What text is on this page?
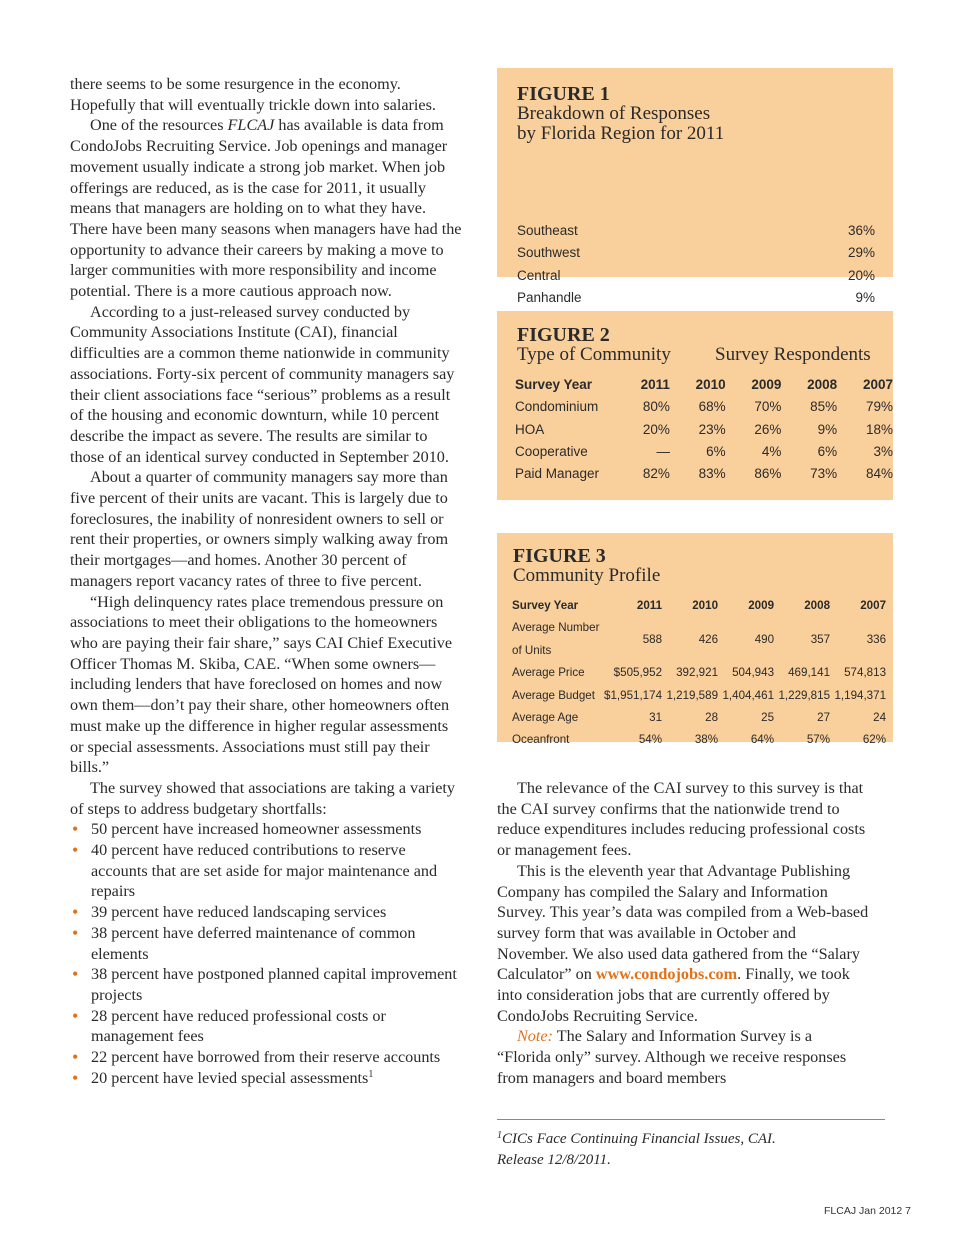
there seems to be some resurgence in the economy. Hopefully that will eventually trickle down into salaries.

One of the resources FLCAJ has available is data from CondoJobs Recruiting Service. Job openings and manager movement usually indicate a strong job market. When job offerings are reduced, as is the case for 2011, it usually means that managers are holding on to what they have. There have been many seasons when managers have had the opportunity to advance their careers by making a move to larger communities with more responsibility and income potential. There is a more cautious approach now.

According to a just-released survey conducted by Community Associations Institute (CAI), financial difficulties are a common theme nationwide in community associations. Forty-six percent of community managers say their client associations face “serious” problems as a result of the housing and economic downturn, while 10 percent describe the impact as severe. The results are similar to those of an identical survey conducted in September 2010.

About a quarter of community managers say more than five percent of their units are vacant. This is largely due to foreclosures, the inability of nonresident owners to sell or rent their properties, or owners simply walking away from their mortgages—and homes. Another 30 percent of managers report vacancy rates of three to five percent.

“High delinquency rates place tremendous pressure on associations to meet their obligations to the homeowners who are paying their fair share,” says CAI Chief Executive Officer Thomas M. Skiba, CAE. “When some owners—including lenders that have foreclosed on homes and now own them—don’t pay their share, other homeowners often must make up the difference in higher regular assessments or special assessments. Associations must still pay their bills.”

The survey showed that associations are taking a variety of steps to address budgetary shortfalls:

• 50 percent have increased homeowner assessments
• 40 percent have reduced contributions to reserve accounts that are set aside for major maintenance and repairs
• 39 percent have reduced landscaping services
• 38 percent have deferred maintenance of common elements
• 38 percent have postponed planned capital improvement projects
• 28 percent have reduced professional costs or management fees
• 22 percent have borrowed from their reserve accounts
• 20 percent have levied special assessments$^1$
FIGURE 1
Breakdown of Responses
by Florida Region for 2011
Southeast	36%
Southwest	29%
Central	20%
Panhandle	9%
FIGURE 2
Type of Community	Survey Respondents
Survey Year	2011	2010	2009	2008	2007
Condominium	80%	68%	70%	85%	79%
HOA	20%	23%	26%	9%	18%
Cooperative	—	6%	4%	6%	3%
Paid Manager	82%	83%	86%	73%	84%
FIGURE 3
Community Profile
Survey Year	2011	2010	2009	2008	2007
Average Number of Units	588	426	490	357	336
Average Price	$505,952	392,921	504,943	469,141	574,813
Average Budget	$1,951,174	1,219,589	1,404,461	1,229,815	1,194,371
Average Age	31	28	25	27	24
Oceanfront	54%	38%	64%	57%	62%

The relevance of the CAI survey to this survey is that the CAI survey confirms that the nationwide trend to reduce expenditures includes reducing professional costs or management fees.

This is the eleventh year that Advantage Publishing Company has compiled the Salary and Information Survey. This year’s data was compiled from a Web-based survey form that was available in October and November. We also used data gathered from the “Salary Calculator” on www.condojobs.com. Finally, we took into consideration jobs that are currently offered by CondoJobs Recruiting Service.

Note: The Salary and Information Survey is a “Florida only” survey. Although we receive responses from managers and board members

$^1$CICs Face Continuing Financial Issues, CAI.
Release 12/8/2011.
FLCAJ Jan 2012 7
